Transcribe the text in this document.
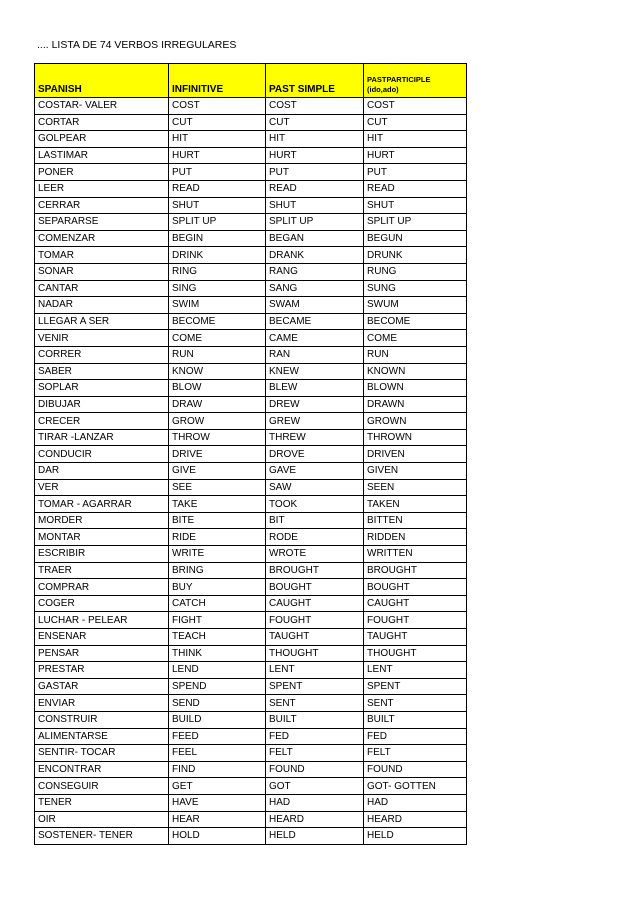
.... LISTA DE 74 VERBOS IRREGULARES
SPANISH	INFINITIVE	PAST SIMPLE	PASTPARTICIPLE
(ido,ado)

COSTAR- VALER	COST	COST	COST
CORTAR	CUT	CUT	CUT
GOLPEAR	HIT	HIT	HIT
LASTIMAR	HURT	HURT	HURT
PONER	PUT	PUT	PUT
LEER	READ	READ	READ
CERRAR	SHUT	SHUT	SHUT
SEPARARSE	SPLIT UP	SPLIT UP	SPLIT UP
COMENZAR	BEGIN	BEGAN	BEGUN
TOMAR	DRINK	DRANK	DRUNK
SONAR	RING	RANG	RUNG
CANTAR	SING	SANG	SUNG
NADAR	SWIM	SWAM	SWUM
LLEGAR A SER	BECOME	BECAME	BECOME
VENIR	COME	CAME	COME
CORRER	RUN	RAN	RUN
SABER	KNOW	KNEW	KNOWN
SOPLAR	BLOW	BLEW	BLOWN
DIBUJAR	DRAW	DREW	DRAWN
CRECER	GROW	GREW	GROWN
TIRAR -LANZAR	THROW	THREW	THROWN
CONDUCIR	DRIVE	DROVE	DRIVEN
DAR	GIVE	GAVE	GIVEN
VER	SEE	SAW	SEEN
TOMAR - AGARRAR	TAKE	TOOK	TAKEN
MORDER	BITE	BIT	BITTEN
MONTAR	RIDE	RODE	RIDDEN
ESCRIBIR	WRITE	WROTE	WRITTEN
TRAER	BRING	BROUGHT	BROUGHT
COMPRAR	BUY	BOUGHT	BOUGHT
COGER	CATCH	CAUGHT	CAUGHT
LUCHAR - PELEAR	FIGHT	FOUGHT	FOUGHT
ENSENAR	TEACH	TAUGHT	TAUGHT
PENSAR	THINK	THOUGHT	THOUGHT
PRESTAR	LEND	LENT	LENT
GASTAR	SPEND	SPENT	SPENT
ENVIAR	SEND	SENT	SENT
CONSTRUIR	BUILD	BUILT	BUILT
ALIMENTARSE	FEED	FED	FED
SENTIR- TOCAR	FEEL	FELT	FELT
ENCONTRAR	FIND	FOUND	FOUND
CONSEGUIR	GET	GOT	GOT- GOTTEN
TENER	HAVE	HAD	HAD
OIR	HEAR	HEARD	HEARD
SOSTENER- TENER	HOLD	HELD	HELD
